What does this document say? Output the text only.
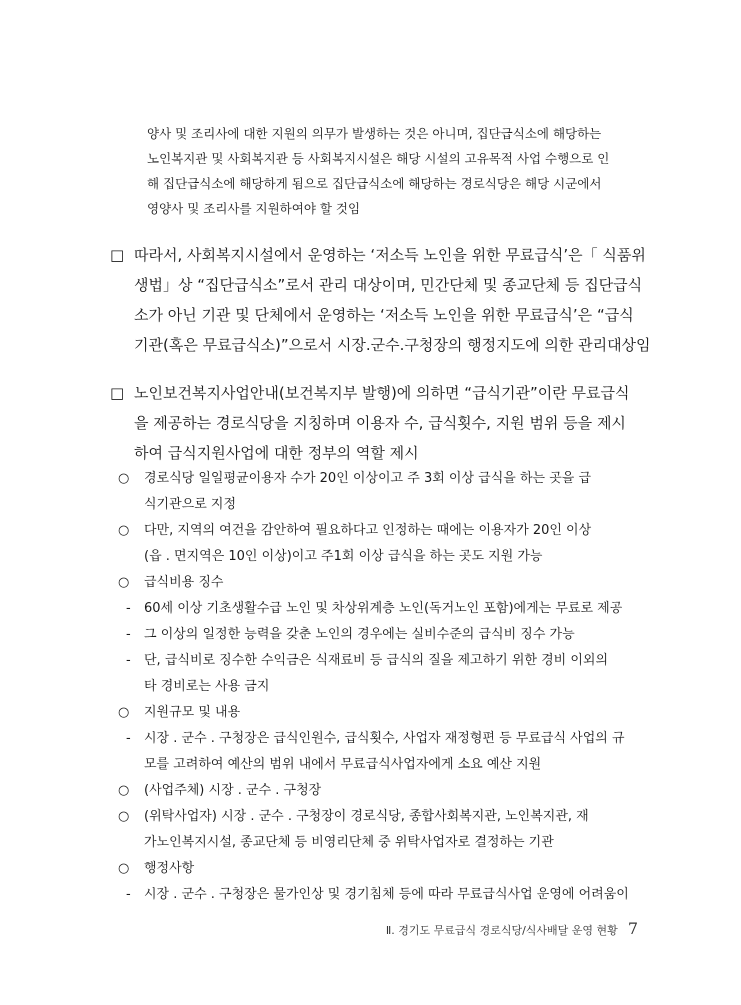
양사 및 조리사에 대한 지원의 의무가 발생하는 것은 아니며, 집단급식소에 해당하는
노인복지관 및 사회복지관 등 사회복지시설은 해당 시설의 고유목적 사업 수행으로 인
해 집단급식소에 해당하게 됨으로 집단급식소에 해당하는 경로식당은 해당 시군에서
영양사 및 조리사를 지원하여야 할 것임
□ 따라서, 사회복지시설에서 운영하는 ‘저소득 노인을 위한 무료급식’은「 식품위
생법」상 “집단급식소”로서 관리 대상이며, 민간단체 및 종교단체 등 집단급식
소가 아닌 기관 및 단체에서 운영하는 ‘저소득 노인을 위한 무료급식’은 “급식
기관(혹은 무료급식소)”으로서 시장.군수.구청장의 행정지도에 의한 관리대상임
□ 노인보건복지사업안내(보건복지부 발행)에 의하면 “급식기관”이란 무료급식
을 제공하는 경로식당을 지칭하며 이용자 수, 급식횟수, 지원 범위 등을 제시
하여 급식지원사업에 대한 정부의 역할 제시
○	경로식당 일일평균이용자 수가 20인 이상이고 주 3회 이상 급식을 하는 곳을 급
식기관으로 지정
○	다만, 지역의 여건을 감안하여 필요하다고 인정하는 때에는 이용자가 20인 이상
(읍 . 면지역은 10인 이상)이고 주1회 이상 급식을 하는 곳도 지원 가능
○	급식비용 징수
-	60세 이상 기초생활수급 노인 및 차상위계층 노인(독거노인 포함)에게는 무료로 제공
-	그 이상의 일정한 능력을 갖춘 노인의 경우에는 실비수준의 급식비 징수 가능
-	단, 급식비로 징수한 수익금은 식재료비 등 급식의 질을 제고하기 위한 경비 이외의
타 경비로는 사용 금지
○	지원규모 및 내용
-	시장 . 군수 . 구청장은 급식인원수, 급식횟수, 사업자 재정형편 등 무료급식 사업의 규
모를 고려하여 예산의 범위 내에서 무료급식사업자에게 소요 예산 지원
○	(사업주체) 시장 . 군수 . 구청장
○	(위탁사업자) 시장 . 군수 . 구청장이 경로식당, 종합사회복지관, 노인복지관, 재
가노인복지시설, 종교단체 등 비영리단체 중 위탁사업자로 결정하는 기관
○	행정사항
-	시장 . 군수 . 구청장은 물가인상 및 경기침체 등에 따라 무료급식사업 운영에 어려움이
Ⅱ. 경기도 무료급식 경로식당/식사배달 운영 현황 7
